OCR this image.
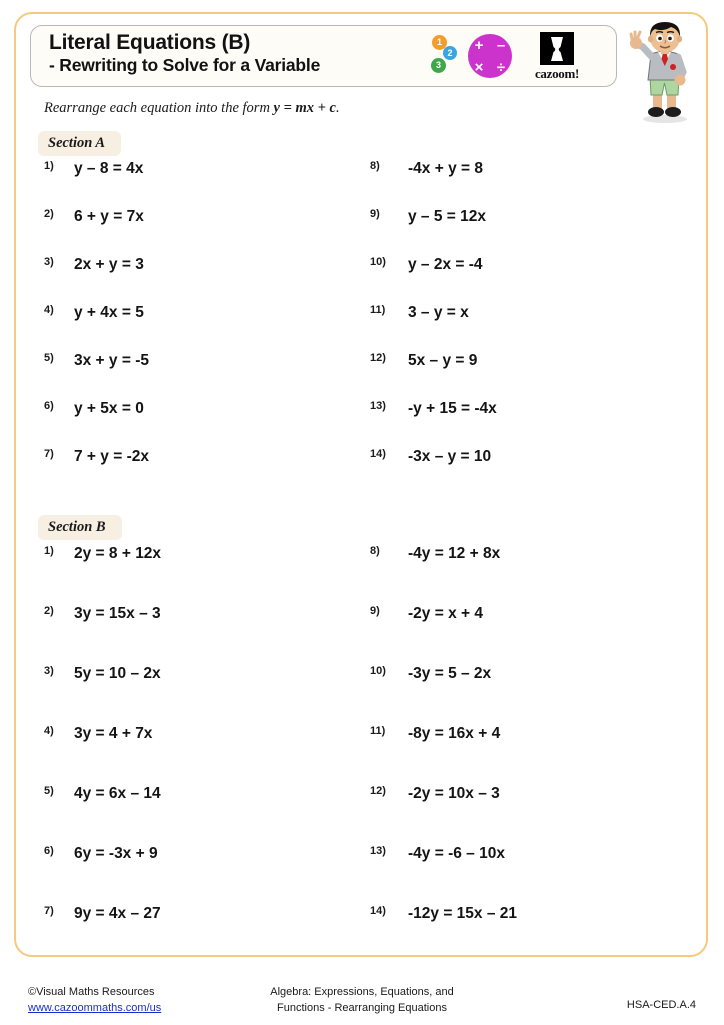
Literal Equations (B)
- Rewriting to Solve for a Variable
1
2
3
+ –
× ÷	cazoom!
Rearrange each equation into the form y = mx + c.
Section A
1)	y – 8 = 4x
2)	6 + y = 7x
3)	2x + y = 3
4)	y + 4x = 5
5)	3x + y = -5
6)	y + 5x = 0
7)	7 + y = -2x
8)	-4x + y = 8
9)	y – 5 = 12x
10)	y – 2x = -4
11)	3 – y = x
12)	5x – y = 9
13)	-y + 15 = -4x
14)	-3x – y = 10
Section B
1)	2y = 8 + 12x
2)	3y = 15x – 3
3)	5y = 10 – 2x
4)	3y = 4 + 7x
5)	4y = 6x – 14
6)	6y = -3x + 9
7)	9y = 4x – 27
8)	-4y = 12 + 8x
9)	-2y = x + 4
10)	-3y = 5 – 2x
11)	-8y = 16x + 4
12)	-2y = 10x – 3
13)	-4y = -6 – 10x
14)	-12y = 15x – 21
©Visual Maths Resources
www.cazoommaths.com/us
Algebra: Expressions, Equations, and
Functions - Rearranging Equations	HSA-CED.A.4
